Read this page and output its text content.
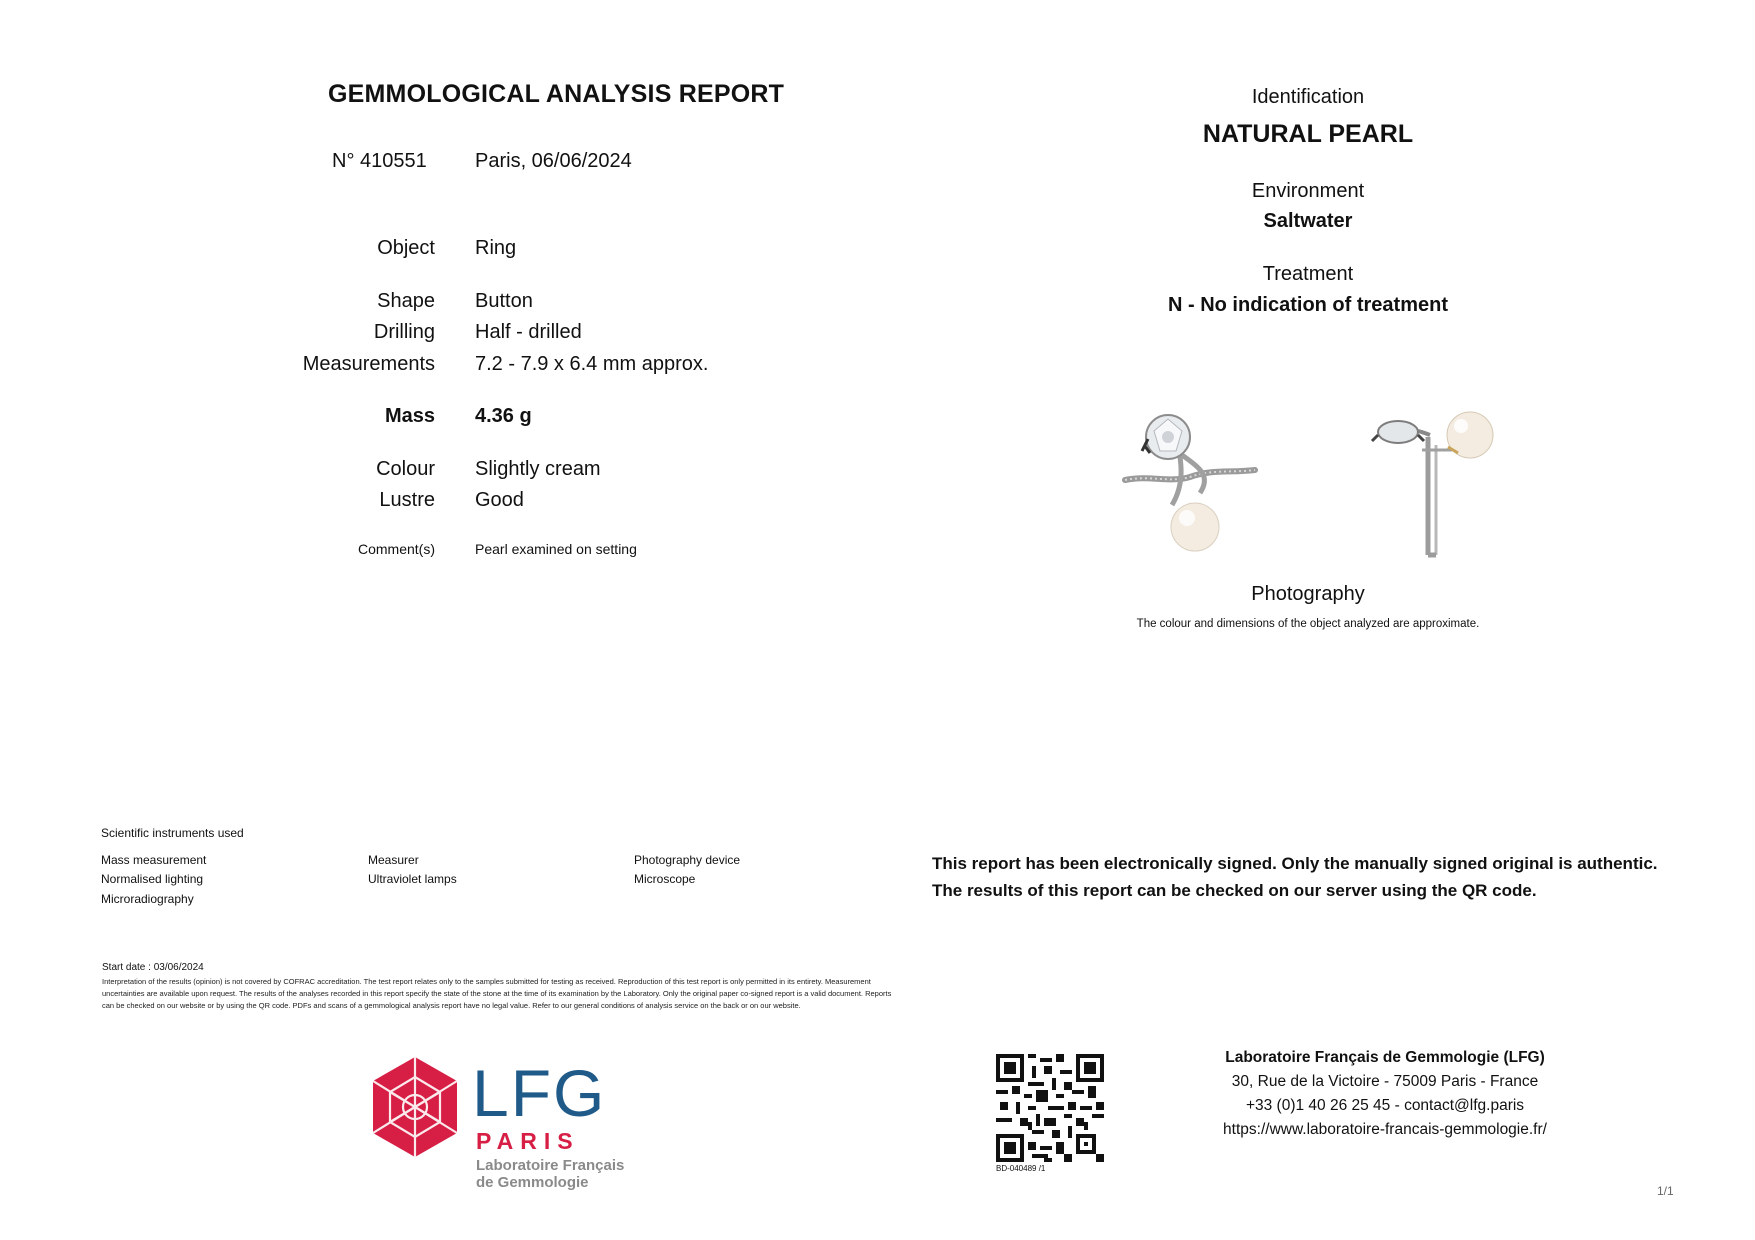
GEMMOLOGICAL ANALYSIS REPORT
N° 410551 Paris, 06/06/2024
Object Ring
Shape Button
Drilling Half - drilled
Measurements 7.2 - 7.9 x 6.4 mm approx.
Mass 4.36 g
Colour Slightly cream
Lustre Good
Comment(s)	Pearl examined on setting
Identification
NATURAL PEARL
Environment
Saltwater
Treatment
N - No indication of treatment
Photography
The colour and dimensions of the object analyzed are approximate.
Scientific instruments used
Mass measurement
Normalised lighting
Microradiography
Measurer
Ultraviolet lamps
Photography device
Microscope
This report has been electronically signed. Only the manually signed original is authentic.
The results of this report can be checked on our server using the QR code.
Start date : 03/06/2024
Interpretation of the results (opinion) is not covered by COFRAC accreditation. The test report relates only to the samples submitted for testing as received. Reproduction of this test report is only permitted in its entirety. Measurement uncertainties are available upon request. The results of the analyses recorded in this report specify the state of the stone at the time of its examination by the Laboratory. Only the original paper co-signed report is a valid document. Reports can be checked on our website or by using the QR code. PDFs and scans of a gemmological analysis report have no legal value. Refer to our general conditions of analysis service on the back or on our website.
LFG
PARIS
Laboratoire Français
de Gemmologie
BD-040489 /1
Laboratoire Français de Gemmologie (LFG)
30, Rue de la Victoire - 75009 Paris - France
+33 (0)1 40 26 25 45 - contact@lfg.paris
https://www.laboratoire-francais-gemmologie.fr/
1/1
